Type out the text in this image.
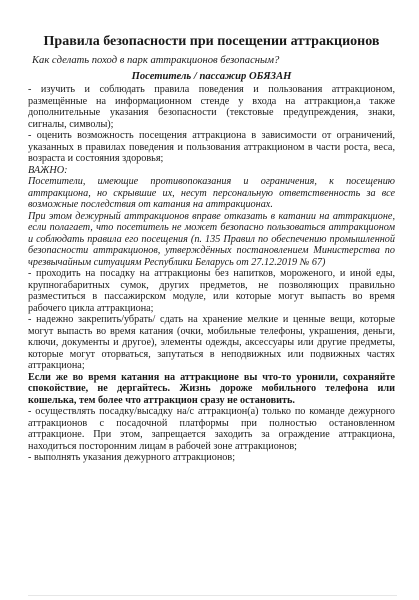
Правила безопасности при посещении аттракционов
Как сделать поход в парк аттракционов безопасным?
Посетитель / пассажир ОБЯЗАН

- изучить и соблюдать правила поведения и пользования аттракционом, размещённые на информационном стенде у входа на аттракцион,а также дополнительные указания безопасности (текстовые предупреждения, знаки, сигналы, символы);

- оценить возможность посещения аттракциона в зависимости от ограничений, указанных в правилах поведения и пользования аттракционом в части роста, веса, возраста и состояния здоровья;

ВАЖНО:

Посетители, имеющие противопоказания и ограничения, к посещению аттракциона, но скрывшие их, несут персональную ответственность за все возможные последствия от катания на аттракционах.

При этом дежурный аттракционов вправе отказать в катании на аттракционе, если полагает, что посетитель не может безопасно пользоваться аттракционом и соблюдать правила его посещения (п. 135 Правил по обеспечению промышленной безопасности аттракционов, утверждённых постановлением Министерства по чрезвычайным ситуациям Республики Беларусь от 27.12.2019 № 67)

- проходить на посадку на аттракционы без напитков, мороженого, и иной еды, крупногабаритных сумок, других предметов, не позволяющих правильно разместиться в пассажирском модуле, или которые могут выпасть во время рабочего цикла аттракциона;

- надежно закрепить/убрать/ сдать на хранение мелкие и ценные вещи, которые могут выпасть во время катания (очки, мобильные телефоны, украшения, деньги, ключи, документы и другое), элементы одежды, аксессуары или другие предметы, которые могут оторваться, запутаться в неподвижных или подвижных частях аттракциона;

Если же во время катания на аттракционе вы что-то уронили, сохраняйте спокойствие, не дергайтесь. Жизнь дороже мобильного телефона или кошелька, тем более что аттракцион сразу не остановить.

- осуществлять посадку/высадку на/с аттракцион(а) только по команде дежурного аттракционов с посадочной платформы при полностью остановленном аттракционе. При этом, запрещается заходить за ограждение аттракциона, находиться посторонним лицам в рабочей зоне аттракционов;

- выполнять указания дежурного аттракционов;
